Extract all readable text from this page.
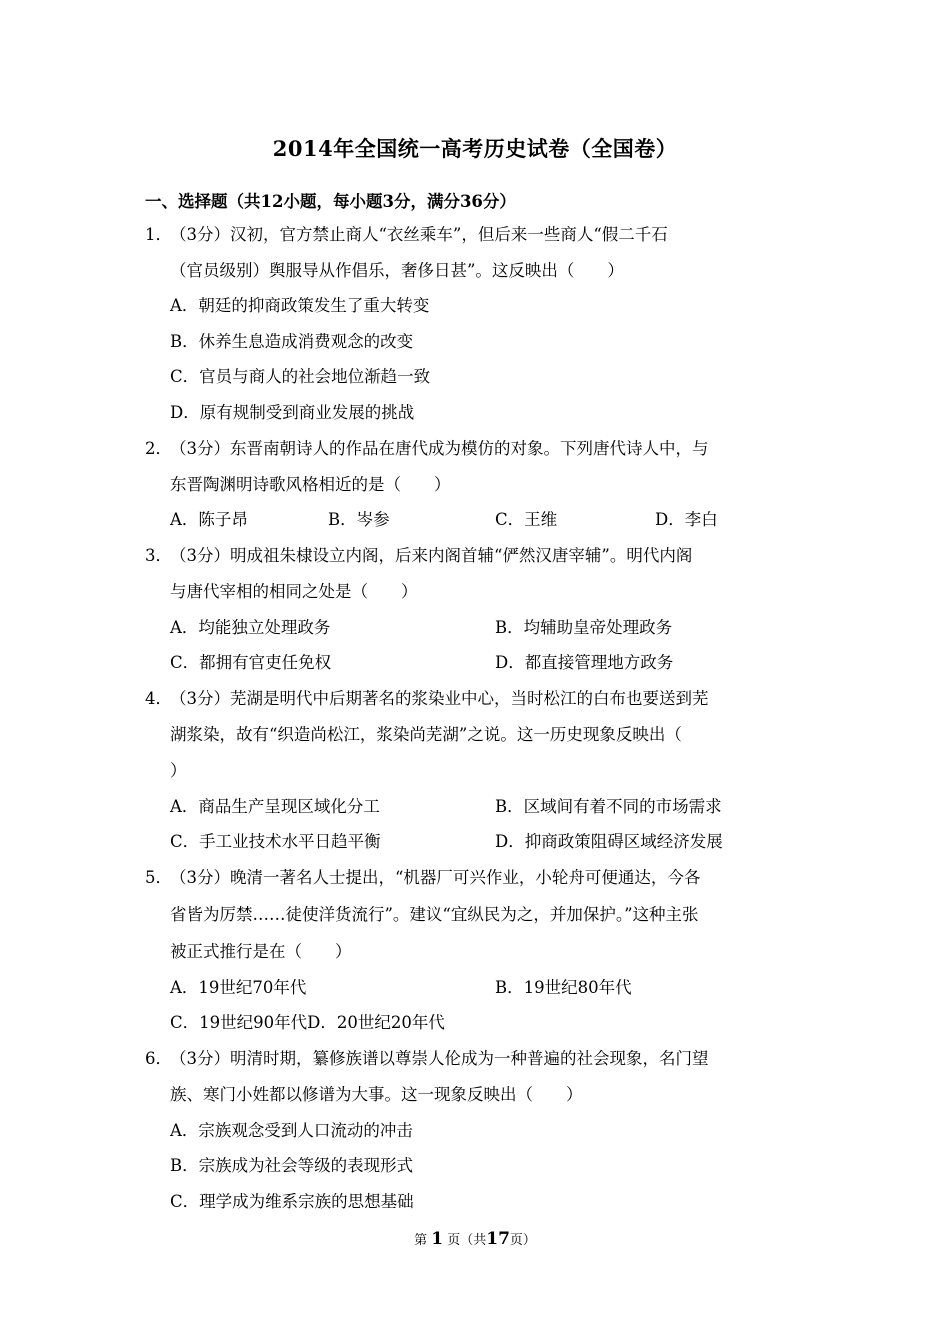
2014年全国统一高考历史试卷（全国卷）
一、选择题（共12小题，每小题3分，满分36分）
1．
（3分）汉初，官方禁止商人“衣丝乘车”，但后来一些商人“假二千石
（官员级别）舆服导从作倡乐，奢侈日甚”。这反映出（　　）
A．朝廷的抑商政策发生了重大转变
B．休养生息造成消费观念的改变
C．官员与商人的社会地位渐趋一致
D．原有规制受到商业发展的挑战
2．
（3分）东晋南朝诗人的作品在唐代成为模仿的对象。下列唐代诗人中，与
东晋陶渊明诗歌风格相近的是（　　）
A．陈子昂	B．岑参	C．王维	D．李白
3．
（3分）明成祖朱棣设立内阁，后来内阁首辅“俨然汉唐宰辅”。明代内阁
与唐代宰相的相同之处是（　　）
A．均能独立处理政务	B．均辅助皇帝处理政务
C．都拥有官吏任免权	D．都直接管理地方政务
4．
（3分）芜湖是明代中后期著名的浆染业中心，当时松江的白布也要送到芜
湖浆染，故有“织造尚松江，浆染尚芜湖”之说。这一历史现象反映出（
）
A．商品生产呈现区域化分工	B．区域间有着不同的市场需求
C．手工业技术水平日趋平衡	D．抑商政策阻碍区域经济发展
5．
（3分）晚清一著名人士提出，“机器厂可兴作业，小轮舟可便通达，今各
省皆为厉禁……徒使洋货流行”。建议“宜纵民为之，并加保护。”这种主张
被正式推行是在（　　）
A．19世纪70年代	B．19世纪80年代
C．19世纪90年代D．20世纪20年代
6．
（3分）明清时期，纂修族谱以尊崇人伦成为一种普遍的社会现象，名门望
族、寒门小姓都以修谱为大事。这一现象反映出（　　）
A．宗族观念受到人口流动的冲击
B．宗族成为社会等级的表现形式
C．理学成为维系宗族的思想基础
第 1 页（共17页）
